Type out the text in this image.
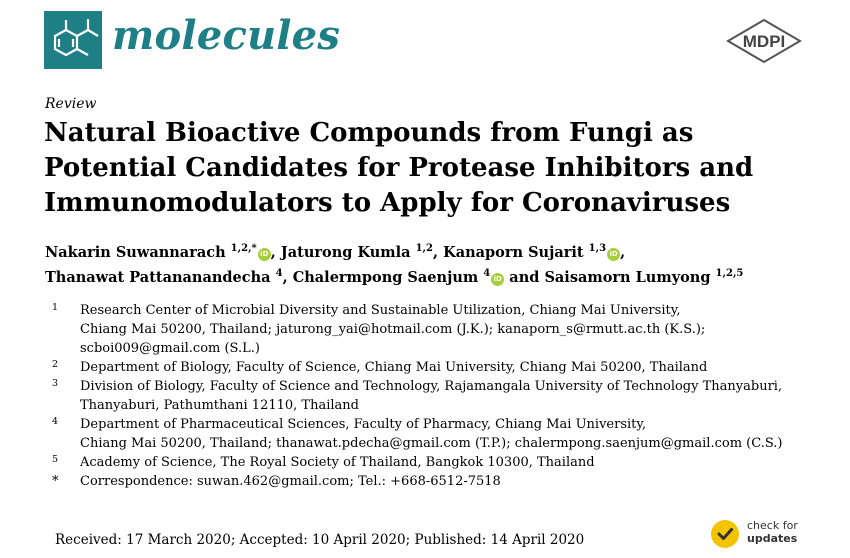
molecules	MDPI
Review
Natural Bioactive Compounds from Fungi as
Potential Candidates for Protease Inhibitors and
Immunomodulators to Apply for Coronaviruses
Nakarin Suwannarach $^{1,2,*}$ iD , Jaturong Kumla $^{1,2}$, Kanaporn Sujarit $^{1,3}$ iD ,
Thanawat Pattananandecha $^4$, Chalermpong Saenjum $^4$ iD and Saisamorn Lumyong $^{1,2,5}$
1 Research Center of Microbial Diversity and Sustainable Utilization, Chiang Mai University,
Chiang Mai 50200, Thailand; jaturong_yai@hotmail.com (J.K.); kanaporn_s@rmutt.ac.th (K.S.);
scboi009@gmail.com (S.L.)
2 Department of Biology, Faculty of Science, Chiang Mai University, Chiang Mai 50200, Thailand
3 Division of Biology, Faculty of Science and Technology, Rajamangala University of Technology Thanyaburi,
Thanyaburi, Pathumthani 12110, Thailand
4 Department of Pharmaceutical Sciences, Faculty of Pharmacy, Chiang Mai University,
Chiang Mai 50200, Thailand; thanawat.pdecha@gmail.com (T.P.); chalermpong.saenjum@gmail.com (C.S.)
5 Academy of Science, The Royal Society of Thailand, Bangkok 10300, Thailand
* Correspondence: suwan.462@gmail.com; Tel.: +668-6512-7518
Received: 17 March 2020; Accepted: 10 April 2020; Published: 14 April 2020
check for
updates
